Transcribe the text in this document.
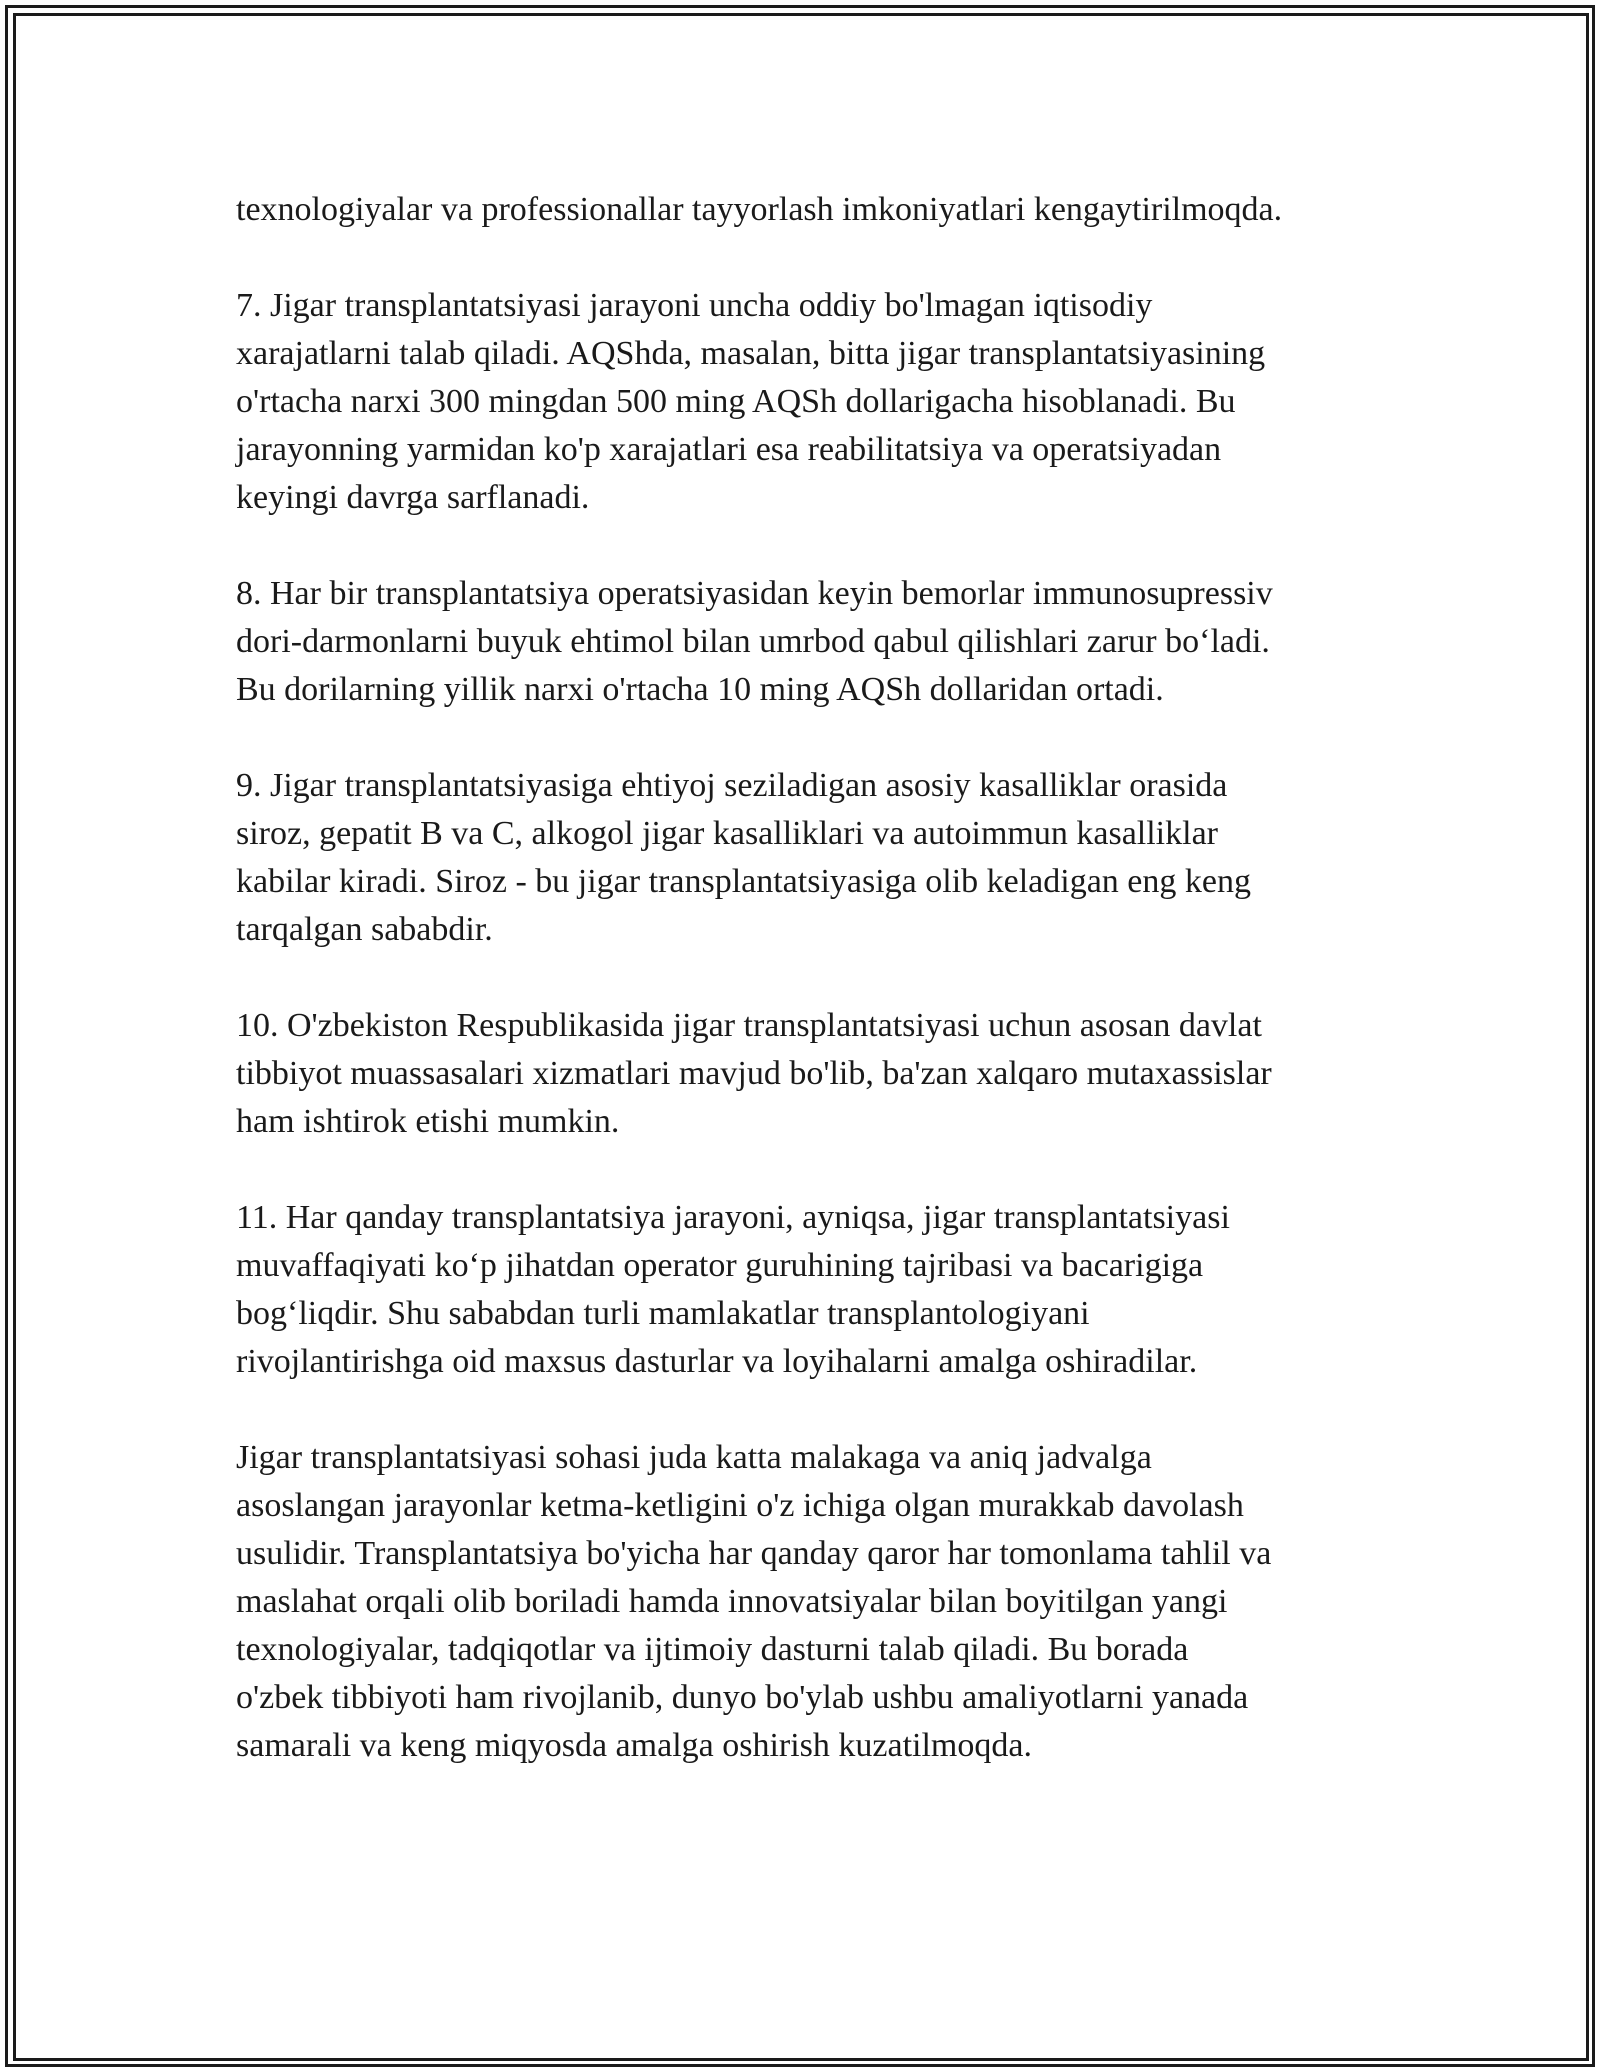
texnologiyalar va professionallar tayyorlash imkoniyatlari kengaytirilmoqda.

7. Jigar transplantatsiyasi jarayoni uncha oddiy bo'lmagan iqtisodiy
xarajatlarni talab qiladi. AQShda, masalan, bitta jigar transplantatsiyasining
o'rtacha narxi 300 mingdan 500 ming AQSh dollarigacha hisoblanadi. Bu
jarayonning yarmidan ko'p xarajatlari esa reabilitatsiya va operatsiyadan
keyingi davrga sarflanadi.

8. Har bir transplantatsiya operatsiyasidan keyin bemorlar immunosupressiv
dori-darmonlarni buyuk ehtimol bilan umrbod qabul qilishlari zarur bo‘ladi.
Bu dorilarning yillik narxi o'rtacha 10 ming AQSh dollaridan ortadi.

9. Jigar transplantatsiyasiga ehtiyoj seziladigan asosiy kasalliklar orasida
siroz, gepatit B va C, alkogol jigar kasalliklari va autoimmun kasalliklar
kabilar kiradi. Siroz - bu jigar transplantatsiyasiga olib keladigan eng keng
tarqalgan sababdir.

10. O'zbekiston Respublikasida jigar transplantatsiyasi uchun asosan davlat
tibbiyot muassasalari xizmatlari mavjud bo'lib, ba'zan xalqaro mutaxassislar
ham ishtirok etishi mumkin.

11. Har qanday transplantatsiya jarayoni, ayniqsa, jigar transplantatsiyasi
muvaffaqiyati ko‘p jihatdan operator guruhining tajribasi va bacarigiga
bog‘liqdir. Shu sababdan turli mamlakatlar transplantologiyani
rivojlantirishga oid maxsus dasturlar va loyihalarni amalga oshiradilar.

Jigar transplantatsiyasi sohasi juda katta malakaga va aniq jadvalga
asoslangan jarayonlar ketma-ketligini o'z ichiga olgan murakkab davolash
usulidir. Transplantatsiya bo'yicha har qanday qaror har tomonlama tahlil va
maslahat orqali olib boriladi hamda innovatsiyalar bilan boyitilgan yangi
texnologiyalar, tadqiqotlar va ijtimoiy dasturni talab qiladi. Bu borada
o'zbek tibbiyoti ham rivojlanib, dunyo bo'ylab ushbu amaliyotlarni yanada
samarali va keng miqyosda amalga oshirish kuzatilmoqda.
